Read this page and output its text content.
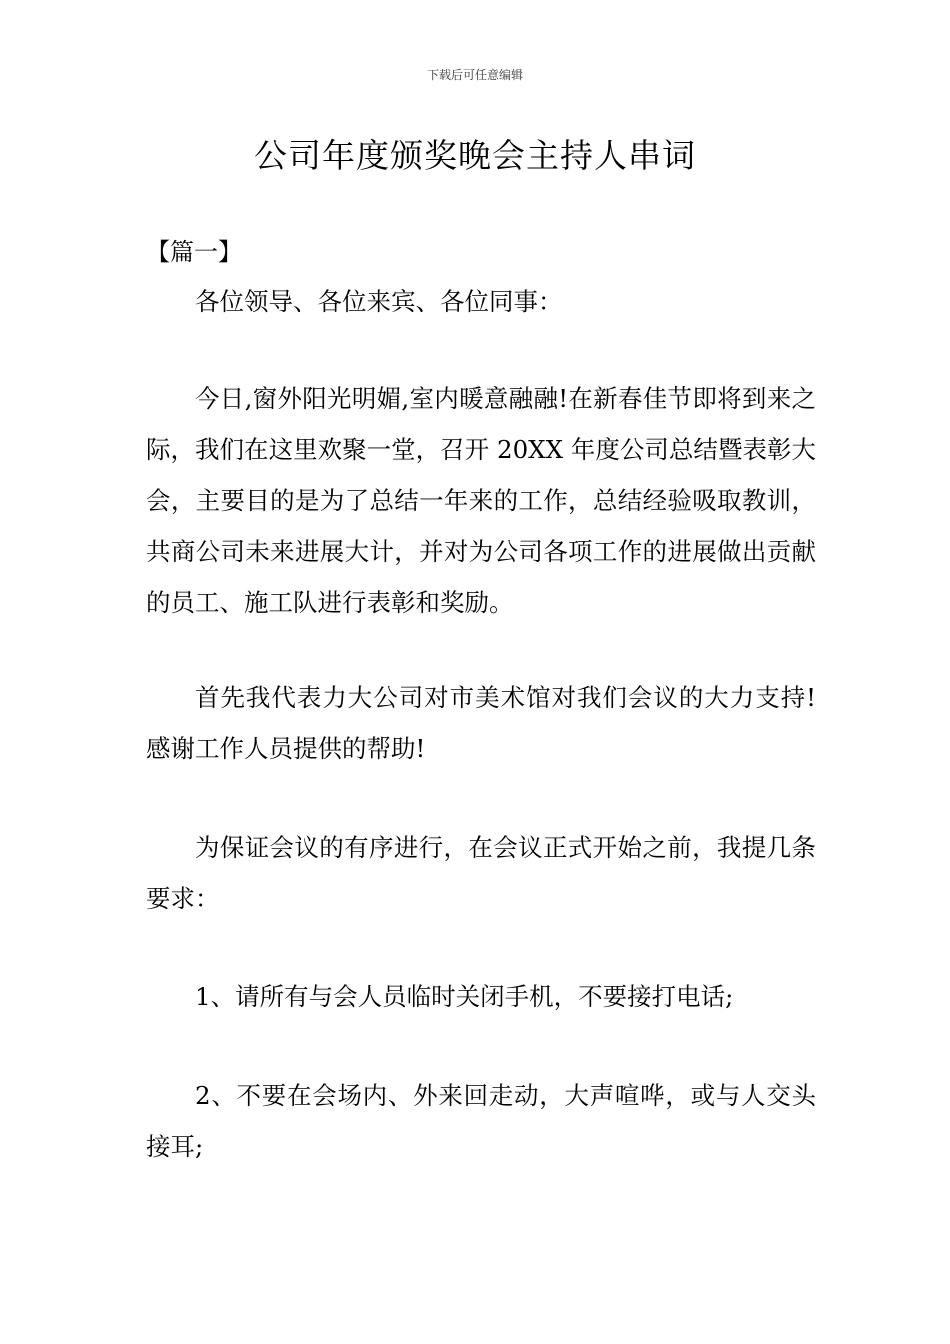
下载后可任意编辑
公司年度颁奖晚会主持人串词
【篇一】

各位领导、各位来宾、各位同事：

今日,窗外阳光明媚,室内暖意融融!在新春佳节即将到来之际，我们在这里欢聚一堂，召开 20XX 年度公司总结暨表彰大会，主要目的是为了总结一年来的工作，总结经验吸取教训，共商公司未来进展大计，并对为公司各项工作的进展做出贡献的员工、施工队进行表彰和奖励。

首先我代表力大公司对市美术馆对我们会议的大力支持!感谢工作人员提供的帮助!

为保证会议的有序进行，在会议正式开始之前，我提几条要求：

1、请所有与会人员临时关闭手机，不要接打电话;

2、不要在会场内、外来回走动，大声喧哗，或与人交头接耳;
